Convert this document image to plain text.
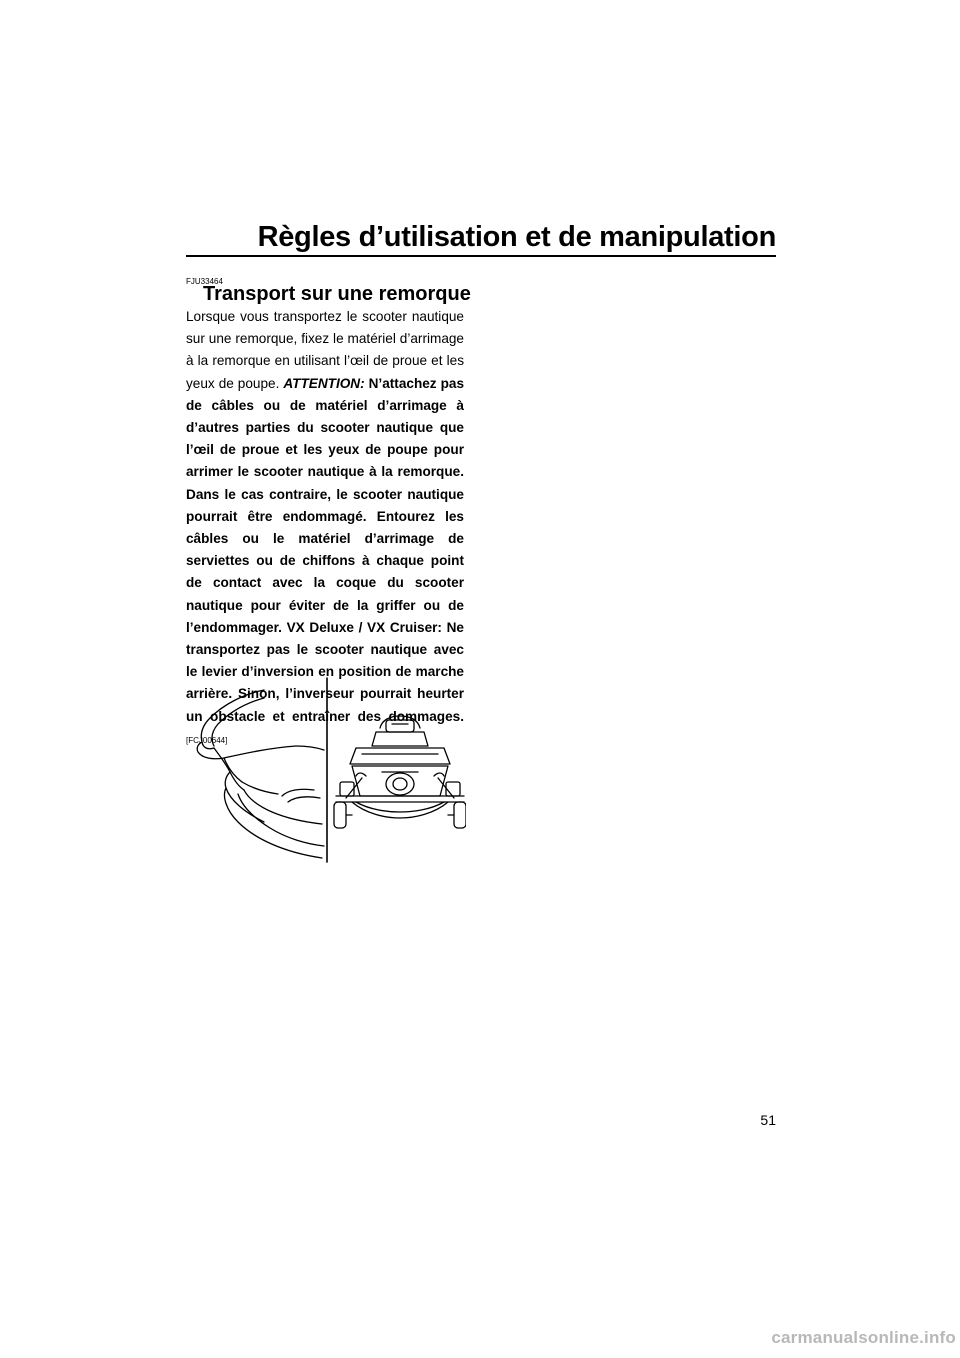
Règles d’utilisation et de manipulation
FJU33464
Transport sur une remorque
Lorsque vous transportez le scooter nautique sur une remorque, fixez le matériel d’arrimage à la remorque en utilisant l’œil de proue et les yeux de poupe. ATTENTION: N’attachez pas de câbles ou de matériel d’arrimage à d’autres parties du scooter nautique que l’œil de proue et les yeux de poupe pour arrimer le scooter nautique à la remorque. Dans le cas contraire, le scooter nautique pourrait être endommagé. Entourez les câbles ou le matériel d’arrimage de serviettes ou de chiffons à chaque point de contact avec la coque du scooter nautique pour éviter de la griffer ou de l’endommager. VX Deluxe / VX Cruiser: Ne transportez pas le scooter nautique avec le levier d’inversion en position de marche arrière. Sinon, l’inverseur pourrait heurter un obstacle et entraîner des dommages. [FCJ00644]
51
carmanualsonline.info
